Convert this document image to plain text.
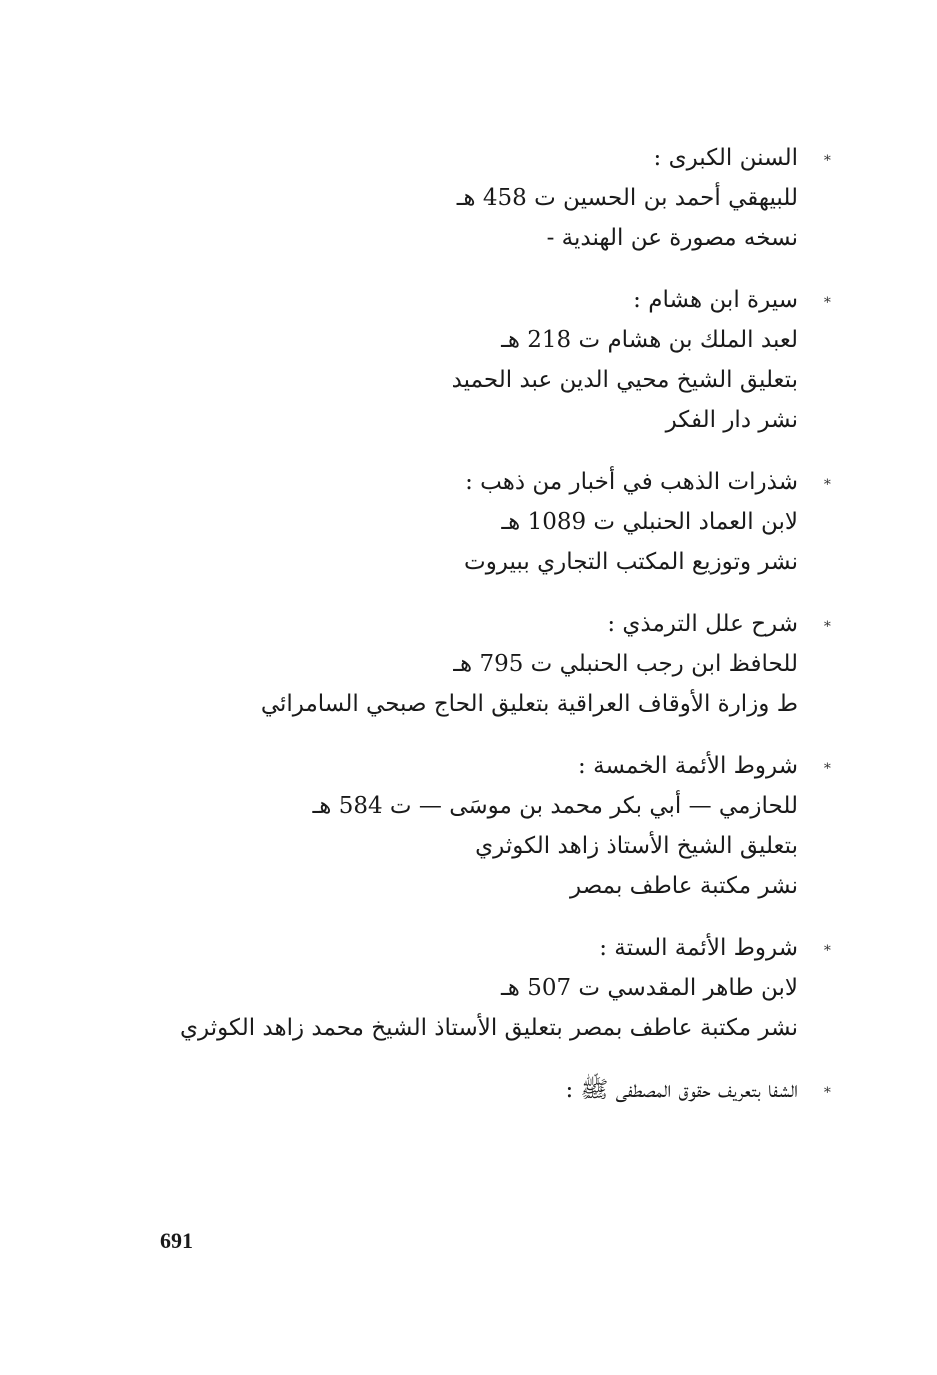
∗
السنن الكبرى :
للبيهقي أحمد بن الحسين ت 458 هـ
نسخه مصورة عن الهندية -
∗
سيرة ابن هشام :
لعبد الملك بن هشام ت 218 هـ
بتعليق الشيخ محيي الدين عبد الحميد
نشر دار الفكر
∗
شذرات الذهب في أخبار من ذهب :
لابن العماد الحنبلي ت 1089 هـ
نشر وتوزيع المكتب التجاري ببيروت
∗
شرح علل الترمذي :
للحافظ ابن رجب الحنبلي ت 795 هـ
ط وزارة الأوقاف العراقية بتعليق الحاج صبحي السامرائي
∗
شروط الأئمة الخمسة :
للحازمي — أبي بكر محمد بن موسَى — ت 584 هـ
بتعليق الشيخ الأستاذ زاهد الكوثري
نشر مكتبة عاطف بمصر
∗
شروط الأئمة الستة :
لابن طاهر المقدسي ت 507 هـ
نشر مكتبة عاطف بمصر بتعليق الأستاذ الشيخ محمد زاهد الكوثري
∗
الشفا بتعريف حقوق المصطفى ﷺ :
691
